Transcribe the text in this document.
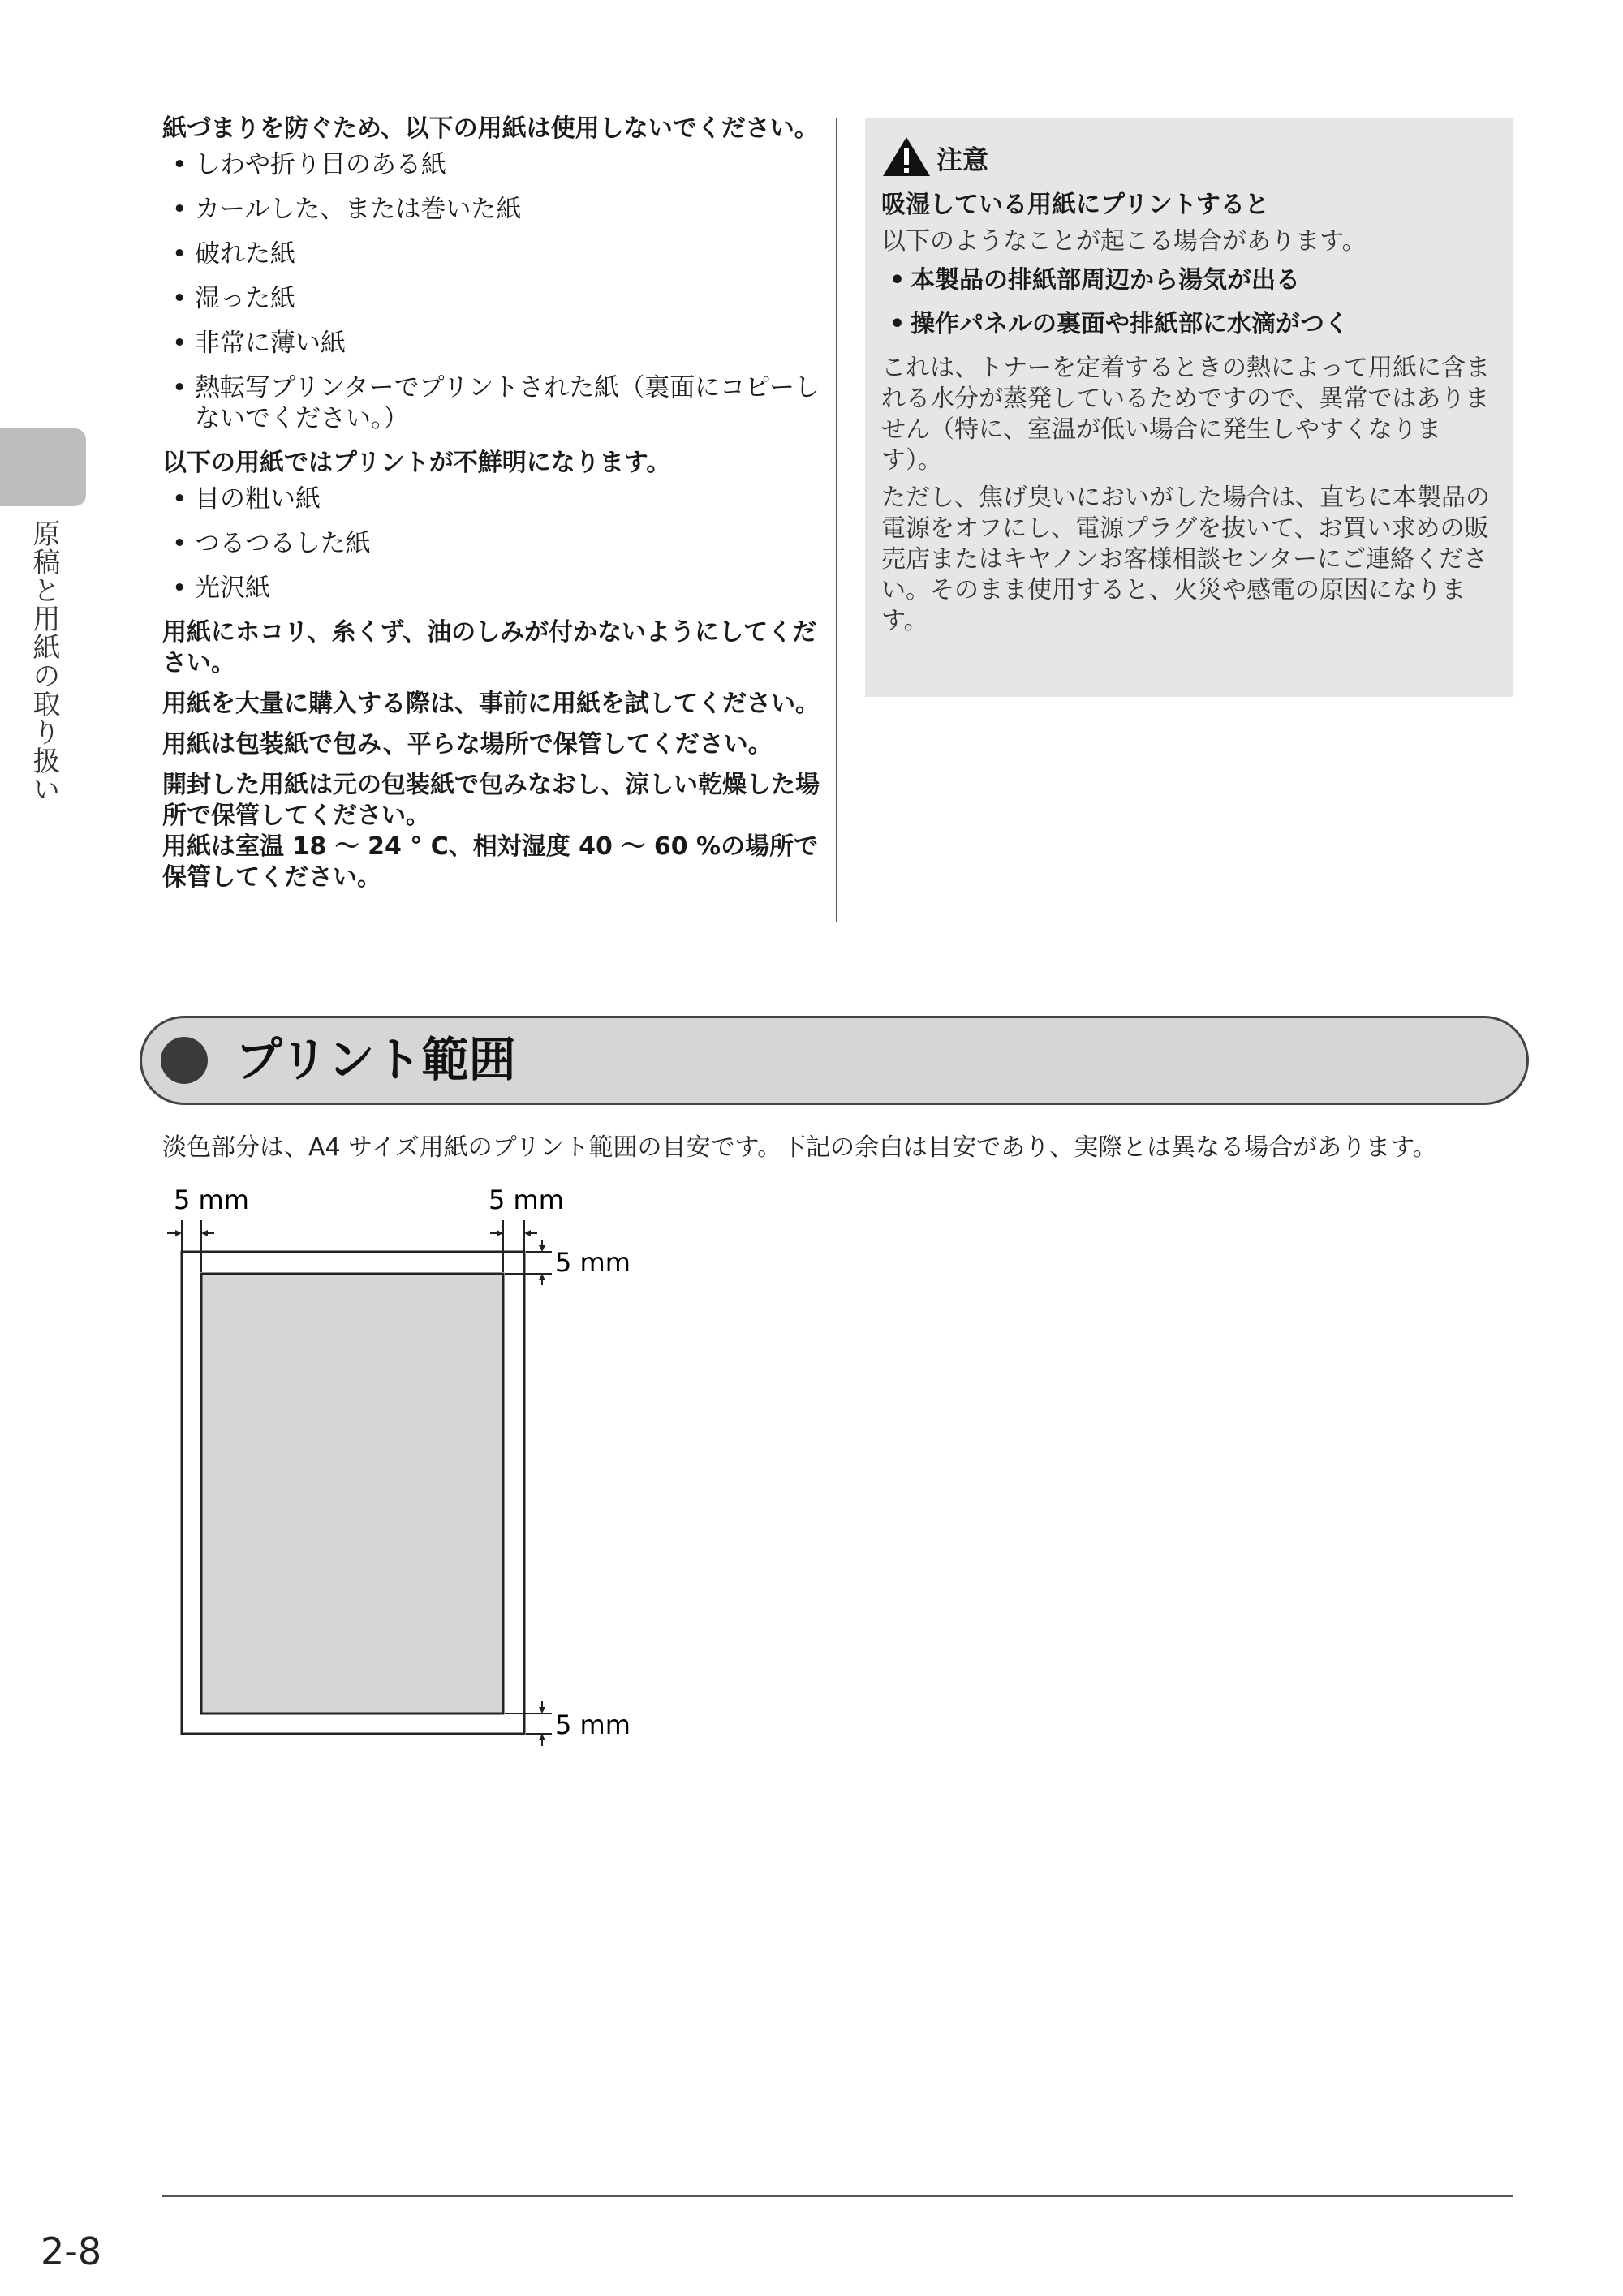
原稿と用紙の取り扱い

紙づまりを防ぐため、以下の用紙は使用しないでください。

• しわや折り目のある紙
• カールした、または巻いた紙
• 破れた紙
• 湿った紙
• 非常に薄い紙
• 熱転写プリンターでプリントされた紙（裏面にコピーしないでください。）

以下の用紙ではプリントが不鮮明になります。

• 目の粗い紙
• つるつるした紙
• 光沢紙

用紙にホコリ、糸くず、油のしみが付かないようにしてください。

用紙を大量に購入する際は、事前に用紙を試してください。

用紙は包装紙で包み、平らな場所で保管してください。

開封した用紙は元の包装紙で包みなおし、涼しい乾燥した場所で保管してください。

用紙は室温 18 〜 24 ° C、相対湿度 40 〜 60 %の場所で保管してください。

注意

吸湿している用紙にプリントすると

以下のようなことが起こる場合があります。

• 本製品の排紙部周辺から湯気が出る
• 操作パネルの裏面や排紙部に水滴がつく

これは、トナーを定着するときの熱によって用紙に含まれる水分が蒸発しているためですので、異常ではありません（特に、室温が低い場合に発生しやすくなります）。

ただし、焦げ臭いにおいがした場合は、直ちに本製品の電源をオフにし、電源プラグを抜いて、お買い求めの販売店またはキヤノンお客様相談センターにご連絡ください。そのまま使用すると、火災や感電の原因になります。

プリント範囲
淡色部分は、A4 サイズ用紙のプリント範囲の目安です。下記の余白は目安であり、実際とは異なる場合があります。
5 mm	5 mm
5 mm
5 mm
2-8
